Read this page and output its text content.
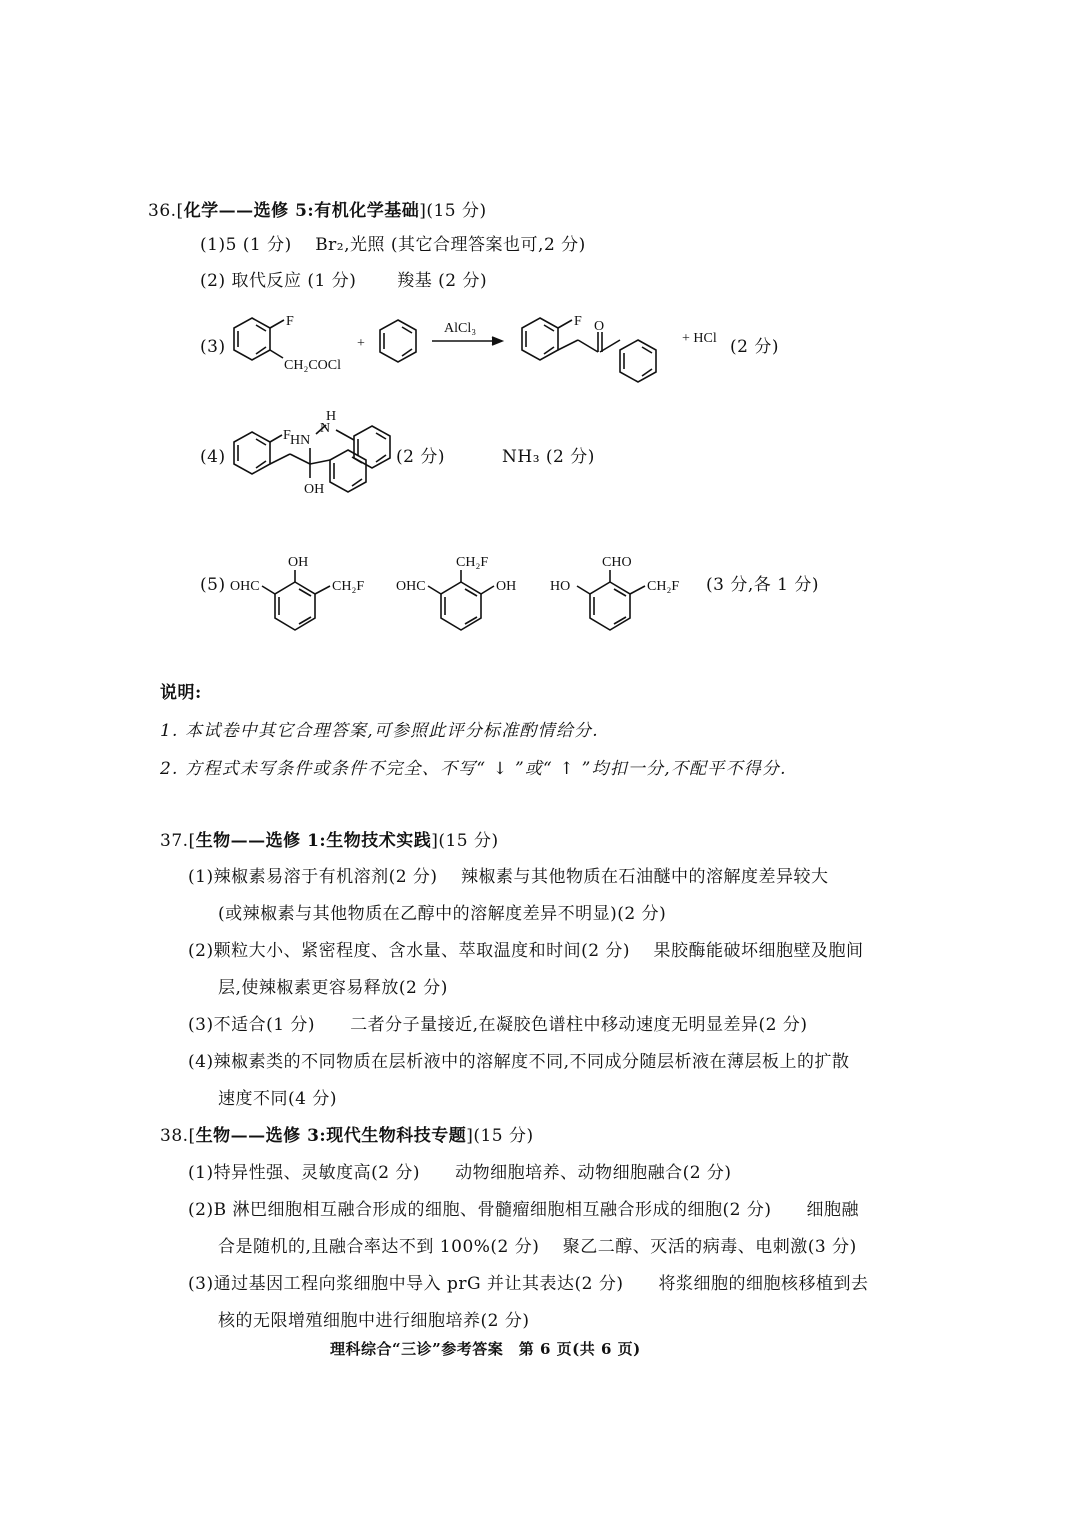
36.[化学——选修 5:有机化学基础](15 分)
(1)5 (1 分)　 Br₂,光照 (其它合理答案也可,2 分)
(2) 取代反应 (1 分)　　 羧基 (2 分)
(3)
F
CH₂COCl
+
AlCl₃	F O
+ HCl (2 分)
(4)
F HN
H
N
OH
(2 分)	NH₃ (2 分)
(5) OHC
OH
CH₂F OHC
CH₂F
OH HO
CHO
CH₂F (3 分,各 1 分)
说明:
1. 本试卷中其它合理答案,可参照此评分标准酌情给分.
2. 方程式未写条件或条件不完全、不写“ ↓ ”或“ ↑ ”均扣一分,不配平不得分.
37.[生物——选修 1:生物技术实践](15 分)
(1)辣椒素易溶于有机溶剂(2 分)　 辣椒素与其他物质在石油醚中的溶解度差异较大
(或辣椒素与其他物质在乙醇中的溶解度差异不明显)(2 分)
(2)颗粒大小、紧密程度、含水量、萃取温度和时间(2 分)　 果胶酶能破坏细胞壁及胞间
层,使辣椒素更容易释放(2 分)
(3)不适合(1 分)　　二者分子量接近,在凝胶色谱柱中移动速度无明显差异(2 分)
(4)辣椒素类的不同物质在层析液中的溶解度不同,不同成分随层析液在薄层板上的扩散
速度不同(4 分)
38.[生物——选修 3:现代生物科技专题](15 分)
(1)特异性强、灵敏度高(2 分)　　动物细胞培养、动物细胞融合(2 分)
(2)B 淋巴细胞相互融合形成的细胞、骨髓瘤细胞相互融合形成的细胞(2 分)　　细胞融
合是随机的,且融合率达不到 100%(2 分)　 聚乙二醇、灭活的病毒、电刺激(3 分)
(3)通过基因工程向浆细胞中导入 prG 并让其表达(2 分)　　将浆细胞的细胞核移植到去
核的无限增殖细胞中进行细胞培养(2 分)
理科综合“三诊”参考答案　第 6 页(共 6 页)
